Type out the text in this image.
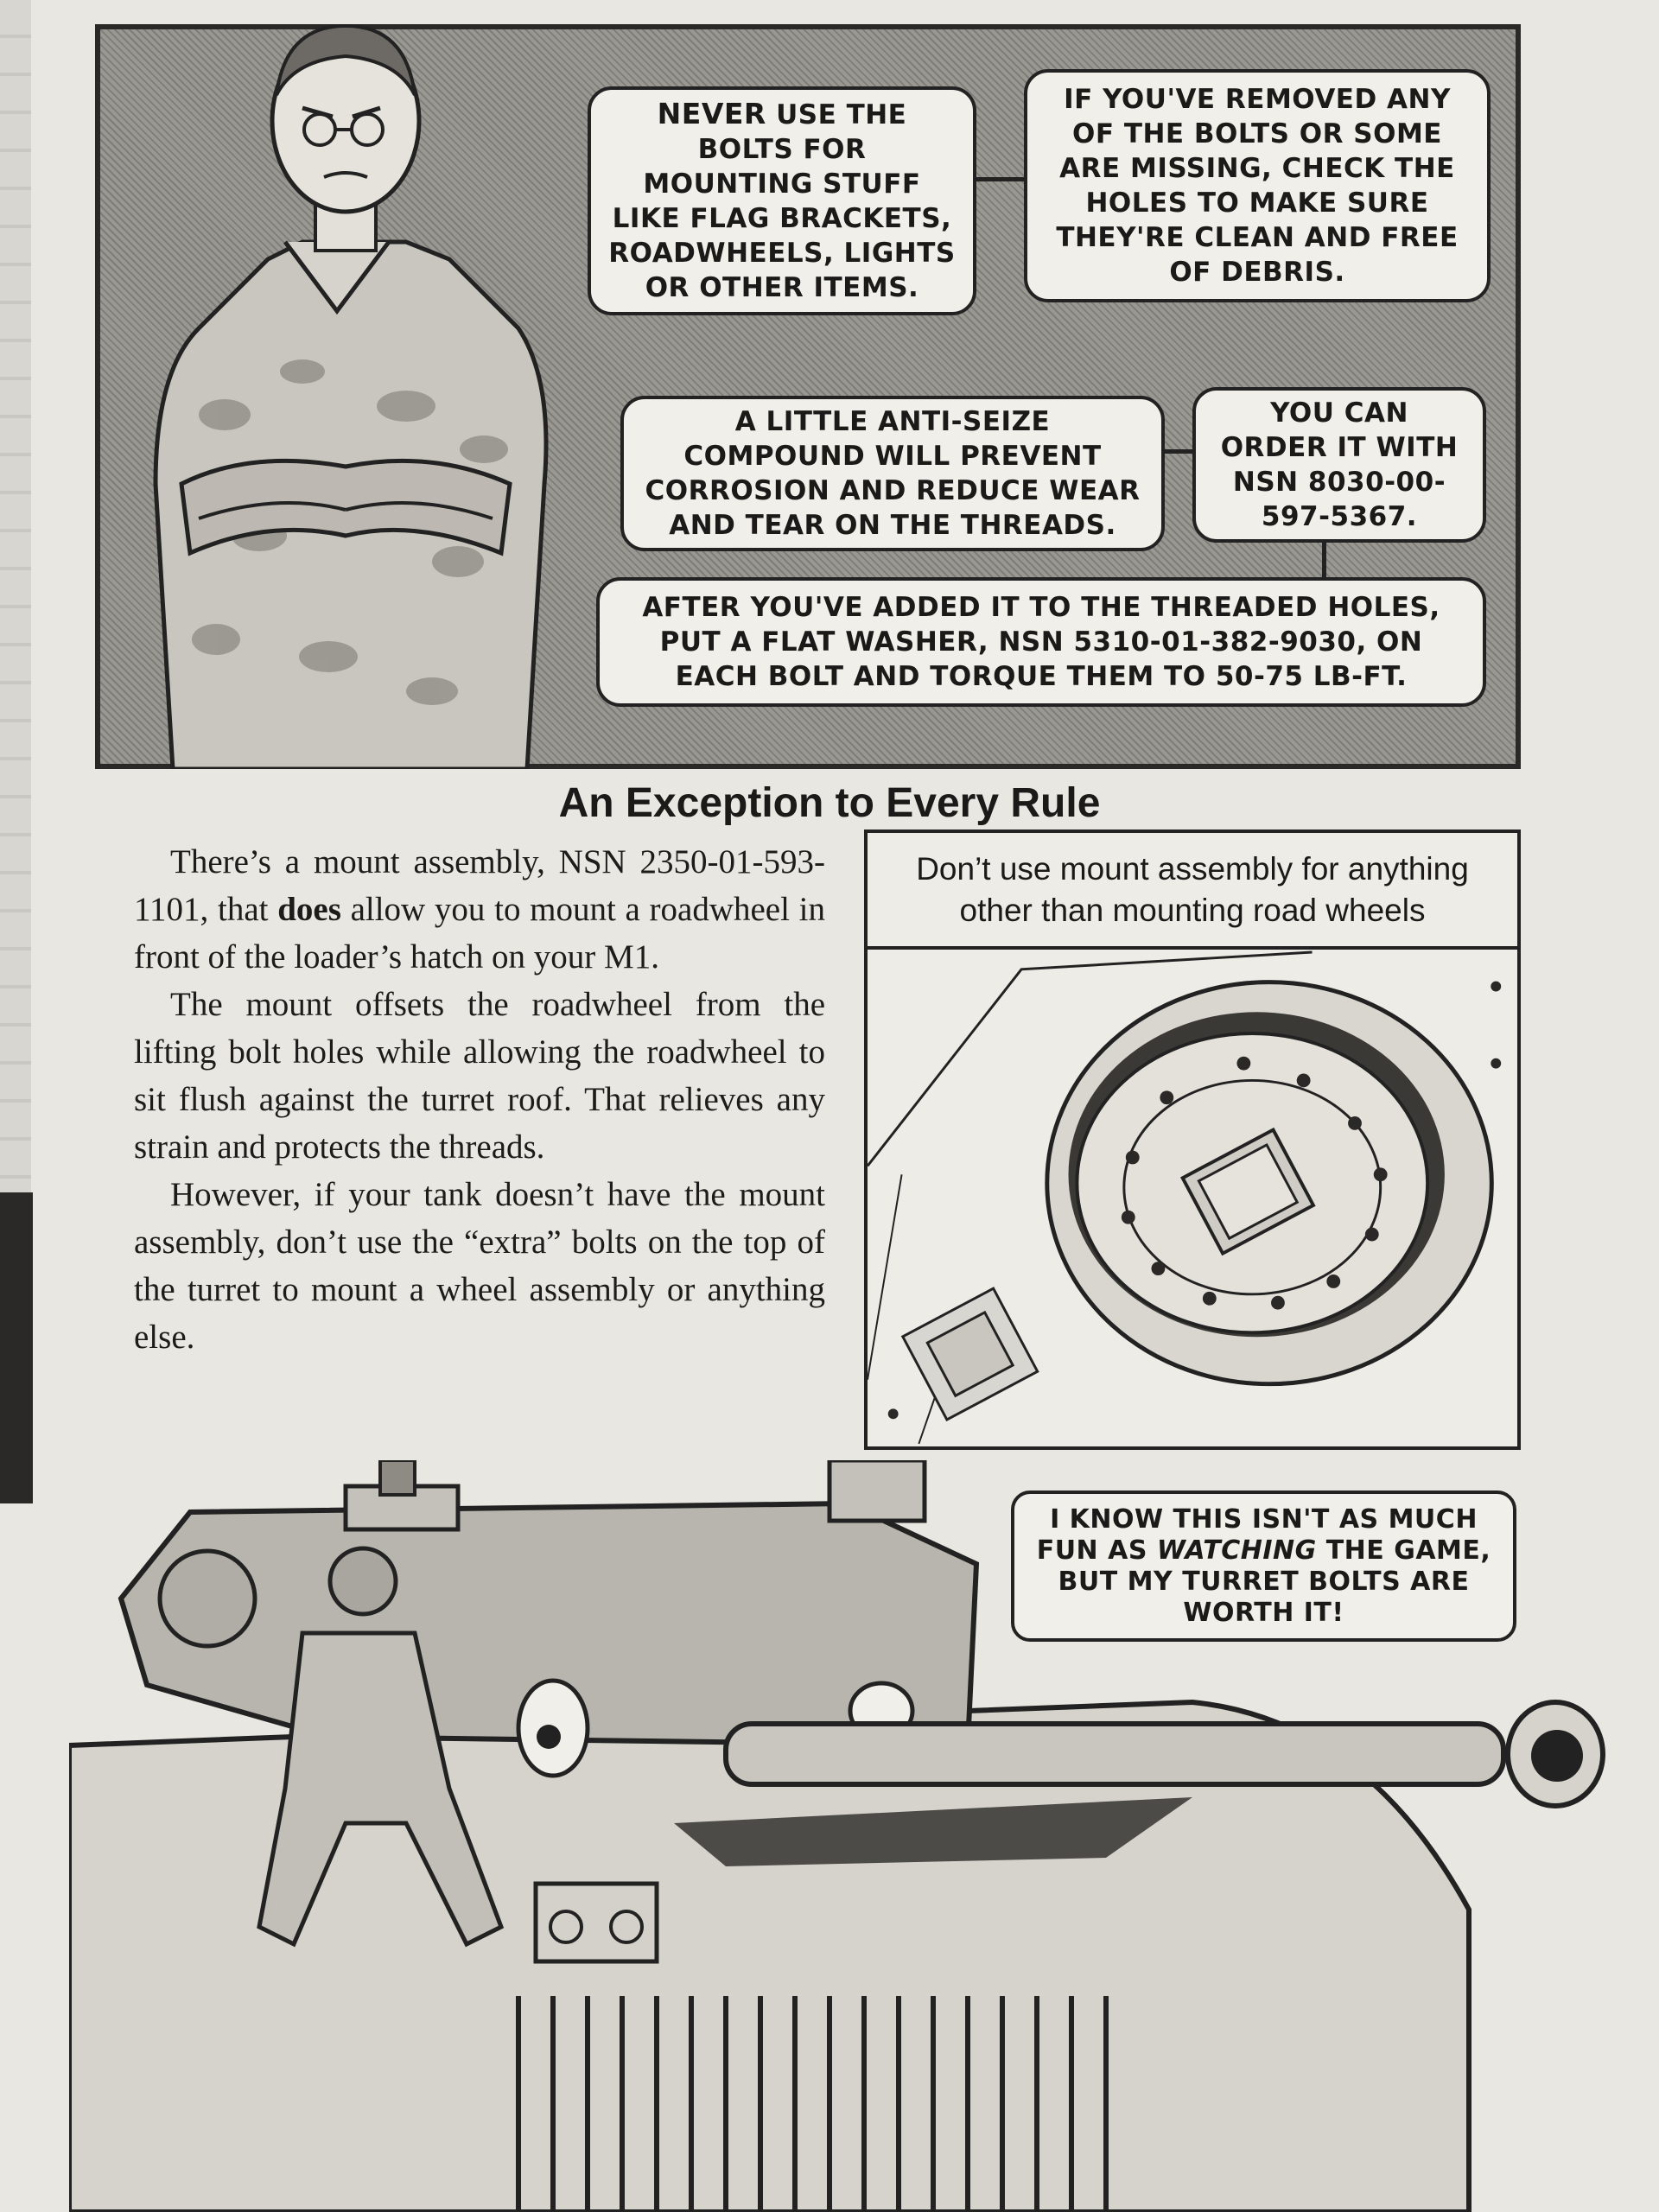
NEVER USE THE BOLTS FOR MOUNTING STUFF LIKE FLAG BRACKETS, ROADWHEELS, LIGHTS OR OTHER ITEMS.
IF YOU'VE REMOVED ANY OF THE BOLTS OR SOME ARE MISSING, CHECK THE HOLES TO MAKE SURE THEY'RE CLEAN AND FREE OF DEBRIS.
A LITTLE ANTI-SEIZE COMPOUND WILL PREVENT CORROSION AND REDUCE WEAR AND TEAR ON THE THREADS.
YOU CAN ORDER IT WITH NSN 8030-00-597-5367.
AFTER YOU'VE ADDED IT TO THE THREADED HOLES, PUT A FLAT WASHER, NSN 5310-01-382-9030, ON EACH BOLT AND TORQUE THEM TO 50-75 LB-FT.
An Exception to Every Rule

There’s a mount assembly, NSN 2350-01-593-1101, that does allow you to mount a roadwheel in front of the loader’s hatch on your M1.

The mount offsets the roadwheel from the lifting bolt holes while allowing the roadwheel to sit flush against the turret roof. That relieves any strain and protects the threads.

However, if your tank doesn’t have the mount assembly, don’t use the “extra” bolts on the top of the turret to mount a wheel assembly or anything else.

Don’t use mount assembly for anything other than mounting road wheels
I KNOW THIS ISN'T AS MUCH FUN AS WATCHING THE GAME, BUT MY TURRET BOLTS ARE WORTH IT!
